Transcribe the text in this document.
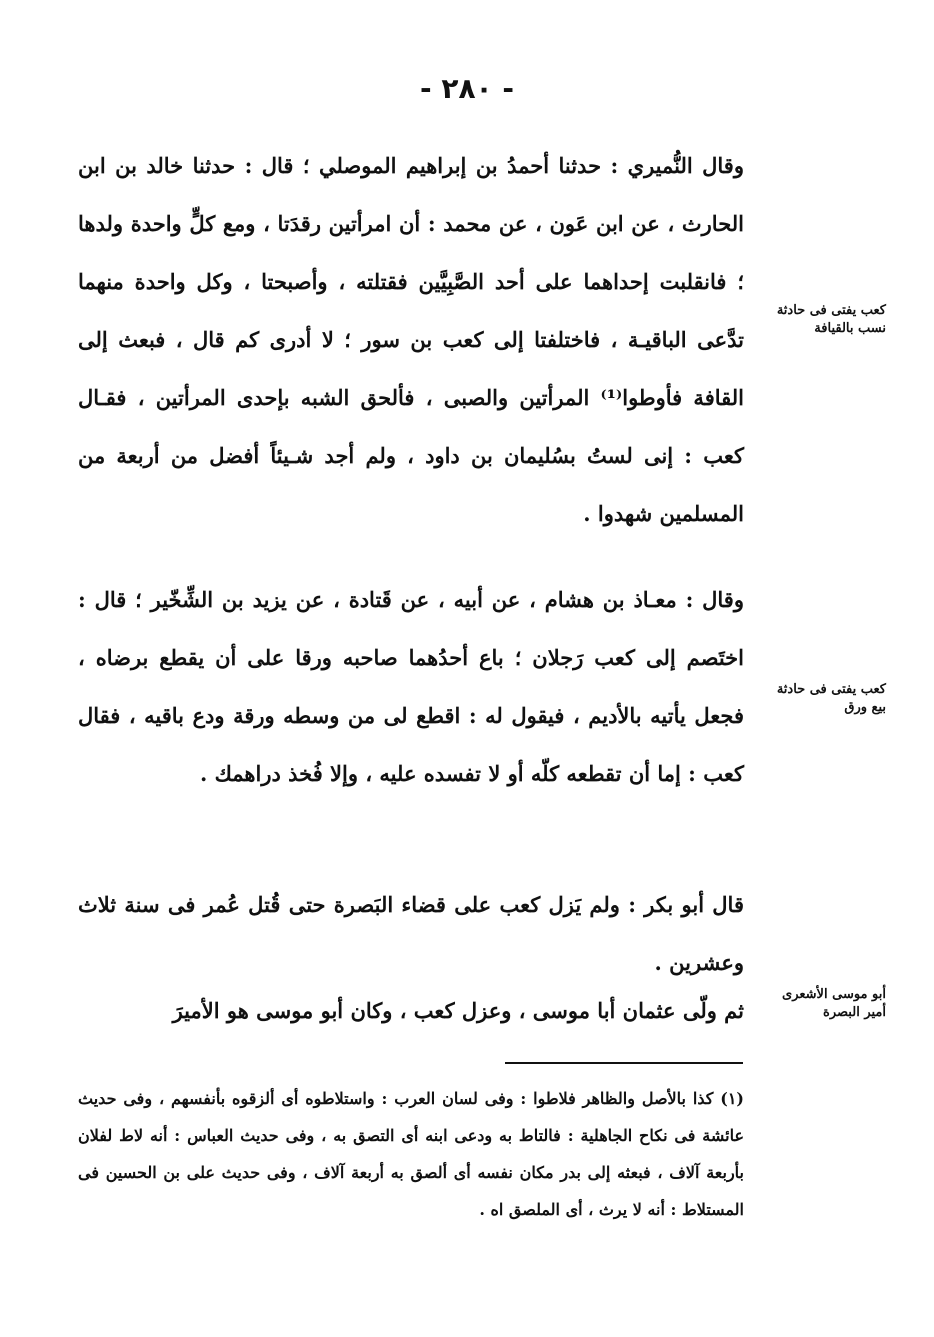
- ٢٨٠ -

وقال النُّميري : حدثنا أحمدُ بن إبراهيم الموصلي ؛ قال : حدثنا خالد بن ابن الحارث ، عن ابن عَون ، عن محمد : أن امرأتين رقدَتا ، ومع كلٍّ واحدة ولدها ؛ فانقلبت إحداهما على أحد الصَّبِيَّين فقتلته ، وأصبحتا ، وكل واحدة منهما تدَّعى الباقيـة ، فاختلفتا إلى كعب بن سور ؛ لا أدرى كم قال ، فبعث إلى القافة فأوطوا⁽¹⁾ المرأتين والصبى ، فألحق الشبه بإحدى المرأتين ، فقـال كعب : إنى لستُ بسُليمان بن داود ، ولم أجد شـيئاً أفضل من أربعة من المسلمين شهدوا .

وقال : معـاذ بن هشام ، عن أبيه ، عن قَتادة ، عن يزيد بن الشِّخّير ؛ قال : اختَصم إلى كعب رَجلان ؛ باع أحدُهما صاحبه ورقا على أن يقطع برضاه ، فجعل يأتيه بالأديم ، فيقول له : اقطع لى من وسطه ورقة ودع باقيه ، فقال كعب : إما أن تقطعه كلّه أو لا تفسده عليه ، وإلا فُخذ دراهمك .

قال أبو بكر : ولم يَزل كعب على قضاء البَصرة حتى قُتل عُمر فى سنة ثلاث وعشرين .

ثم ولّى عثمان أبا موسى ، وعزل كعب ، وكان أبو موسى هو الأميرَ

كعب يفتى فى حادثة نسب بالقيافة
كعب يفتى فى حادثة بيع ورق
أبو موسى الأشعرى أمير البصرة

(١) كذا بالأصل والظاهر فلاطوا : وفى لسان العرب : واستلاطوه أى ألزقوه بأنفسهم ، وفى حديث عائشة فى نكاح الجاهلية : فالتاط به ودعى ابنه أى التصق به ، وفى حديث العباس : أنه لاط لفلان بأربعة آلاف ، فبعثه إلى بدر مكان نفسه أى ألصق به أربعة آلاف ، وفى حديث على بن الحسين فى المستلاط : أنه لا يرث ، أى الملصق اه .
